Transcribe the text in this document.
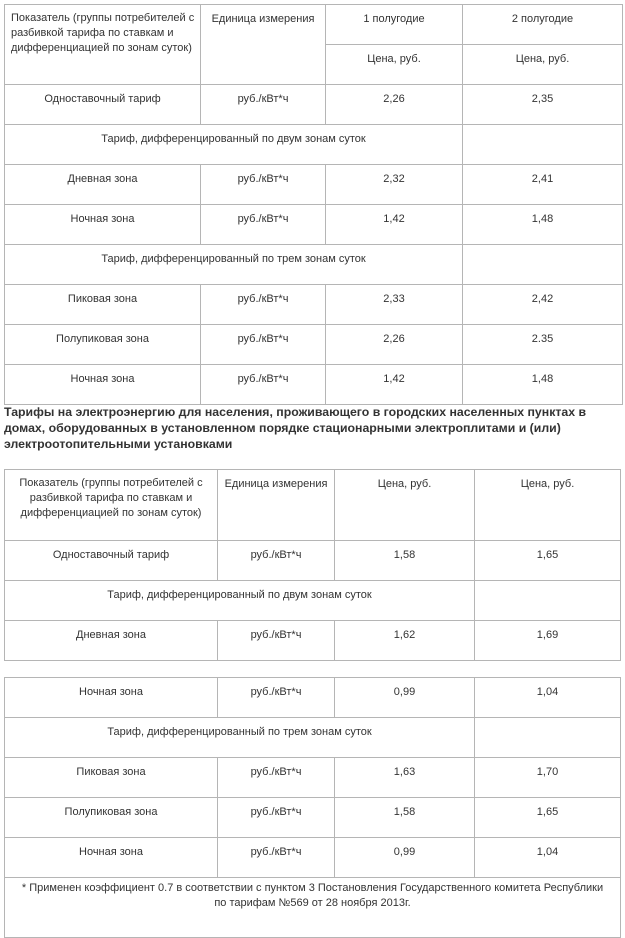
Показатель (группы потребителей с разбивкой тарифа по ставкам и дифференциацией по зонам суток)	Единица измерения	1 полугодие	2 полугодие
		Цена, руб.	Цена, руб.
Одноставочный тариф	руб./кВт*ч	2,26	2,35
Тариф, дифференцированный по двум зонам суток			
Дневная зона	руб./кВт*ч	2,32	2,41
Ночная зона	руб./кВт*ч	1,42	1,48
Тариф, дифференцированный по трем зонам суток			
Пиковая зона	руб./кВт*ч	2,33	2,42
Полупиковая зона	руб./кВт*ч	2,26	2.35
Ночная зона	руб./кВт*ч	1,42	1,48
Тарифы на электроэнергию для населения, проживающего в городских населенных пунктах в домах, оборудованных в установленном порядке стационарными электроплитами и (или) электроотопительными установками
Показатель (группы потребителей с разбивкой тарифа по ставкам и дифференциацией по зонам суток)	Единица измерения	Цена, руб.	Цена, руб.
Одноставочный тариф	руб./кВт*ч	1,58	1,65
Тариф, дифференцированный по двум зонам суток			
Дневная зона	руб./кВт*ч	1,62	1,69
Ночная зона	руб./кВт*ч	0,99	1,04
Тариф, дифференцированный по трем зонам суток			
Пиковая зона	руб./кВт*ч	1,63	1,70
Полупиковая зона	руб./кВт*ч	1,58	1,65
Ночная зона	руб./кВт*ч	0,99	1,04

* Применен коэффициент 0.7 в соответствии с пунктом 3 Постановления Государственного комитета Республики
по тарифам №569 от 28 ноября 2013г.			
